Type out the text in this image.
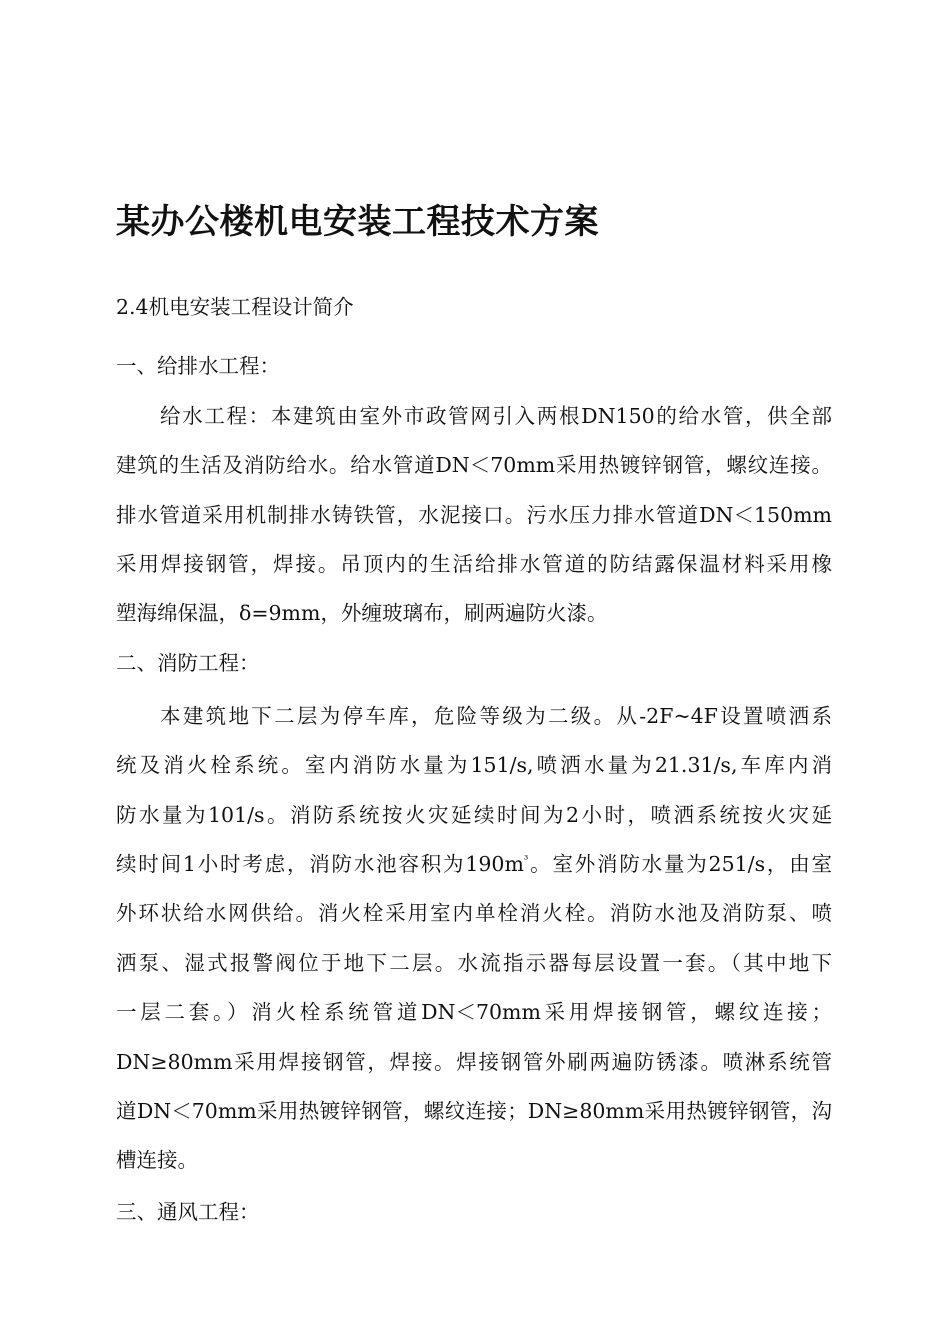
某办公楼机电安装工程技术方案
2.4机电安装工程设计简介
一、给排水工程：
给水工程：本建筑由室外市政管网引入两根DN150的给水管，供全部
建筑的生活及消防给水。给水管道DN＜70mm采用热镀锌钢管，螺纹连接。
排水管道采用机制排水铸铁管，水泥接口。污水压力排水管道DN＜150mm
采用焊接钢管，焊接。吊顶内的生活给排水管道的防结露保温材料采用橡
塑海绵保温，δ=9mm，外缠玻璃布，刷两遍防火漆。
二、消防工程：
本建筑地下二层为停车库，危险等级为二级。从-2F~4F设置喷洒系
统及消火栓系统。室内消防水量为151/s,喷洒水量为21.31/s,车库内消
防水量为101/s。消防系统按火灾延续时间为2小时，喷洒系统按火灾延
续时间1小时考虑，消防水池容积为$190m^{^3}$。室外消防水量为251/s，由室
外环状给水网供给。消火栓采用室内单栓消火栓。消防水池及消防泵、喷
洒泵、湿式报警阀位于地下二层。水流指示器每层设置一套。（其中地下
一层二套。）消火栓系统管道DN＜70mm采用焊接钢管，螺纹连接；
DN≥80mm采用焊接钢管，焊接。焊接钢管外刷两遍防锈漆。喷淋系统管
道DN＜70mm采用热镀锌钢管，螺纹连接；DN≥80mm采用热镀锌钢管，沟
槽连接。
三、通风工程：
